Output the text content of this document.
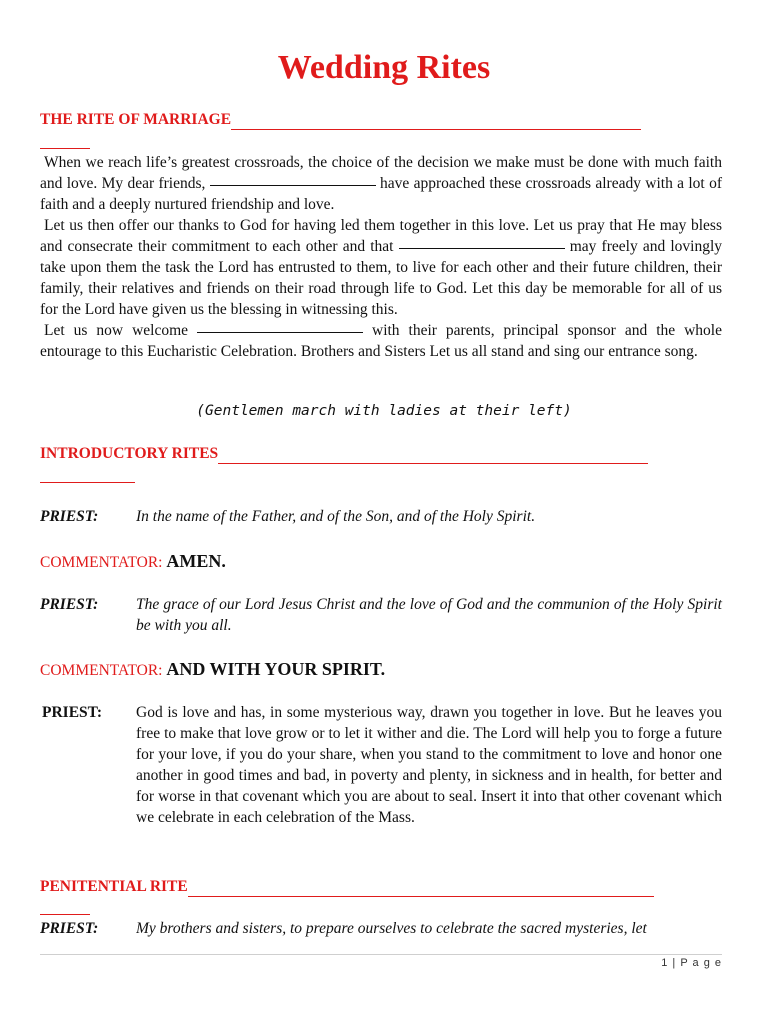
Wedding Rites
THE RITE OF MARRIAGE

When we reach life’s greatest crossroads, the choice of the decision we make must be done with much faith and love. My dear friends,	have approached these crossroads already with a lot of faith and a deeply nurtured friendship and love.

Let us then offer our thanks to God for having led them together in this love. Let us pray that He may bless and consecrate their commitment to each other and that	may freely and lovingly take upon them the task the Lord has entrusted to them, to live for each other and their future children, their family, their relatives and friends on their road through life to God. Let this day be memorable for all of us for the Lord have given us the blessing in witnessing this.

Let us now welcome	with their parents, principal sponsor and the whole entourage to this Eucharistic Celebration. Brothers and Sisters Let us all stand and sing our entrance song.

(Gentlemen march with ladies at their left)
INTRODUCTORY RITES
PRIEST: In the name of the Father, and of the Son, and of the Holy Spirit.
COMMENTATOR: AMEN.
PRIEST: The grace of our Lord Jesus Christ and the love of God and the communion of the Holy Spirit be with you all.
COMMENTATOR: AND WITH YOUR SPIRIT.
PRIEST: God is love and has, in some mysterious way, drawn you together in love. But he leaves you free to make that love grow or to let it wither and die. The Lord will help you to forge a future for your love, if you do your share, when you stand to the commitment to love and honor one another in good times and bad, in poverty and plenty, in sickness and in health, for better and for worse in that covenant which you are about to seal. Insert it into that other covenant which we celebrate in each celebration of the Mass.
PENITENTIAL RITE
PRIEST: My brothers and sisters, to prepare ourselves to celebrate the sacred mysteries, let
1 | P a g e
